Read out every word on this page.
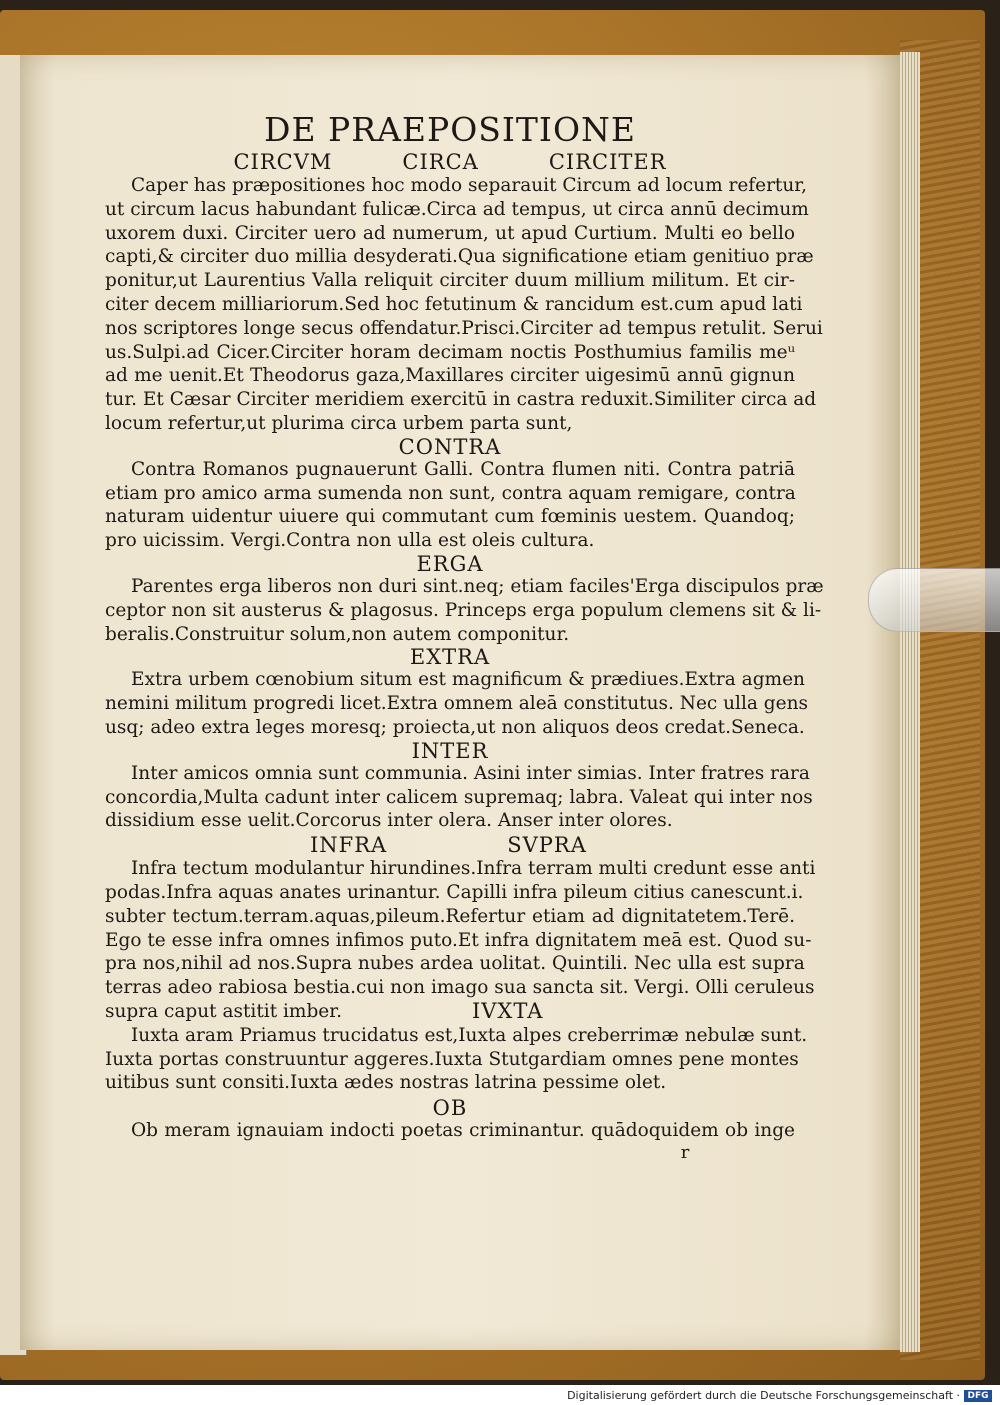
DE PRAEPOSITIONE
CIRCVM	CIRCA	CIRCITER
Caper has præpositiones hoc modo separauit Circum ad locum refertur,
ut circum lacus habundant fulicæ.Circa ad tempus, ut circa annū decimum
uxorem duxi. Circiter uero ad numerum, ut apud Curtium. Multi eo bello
capti,& circiter duo millia desyderati.Qua significatione etiam genitiuo præ
ponitur,ut Laurentius Valla reliquit circiter duum millium militum. Et cir-
citer decem milliariorum.Sed hoc fetutinum & rancidum est.cum apud lati
nos scriptores longe secus offendatur.Prisci.Circiter ad tempus retulit. Serui
us.Sulpi.ad Cicer.Circiter horam decimam noctis Posthumius familis meᵘ
ad me uenit.Et Theodorus gaza,Maxillares circiter uigesimū annū gignun
tur. Et Cæsar Circiter meridiem exercitū in castra reduxit.Similiter circa ad
locum refertur,ut plurima circa urbem parta sunt,
CONTRA
Contra Romanos pugnauerunt Galli. Contra flumen niti. Contra patriā
etiam pro amico arma sumenda non sunt, contra aquam remigare, contra
naturam uidentur uiuere qui commutant cum fœminis uestem. Quandoq;
pro uicissim. Vergi.Contra non ulla est oleis cultura.
ERGA
Parentes erga liberos non duri sint.neq; etiam faciles'Erga discipulos præ
ceptor non sit austerus & plagosus. Princeps erga populum clemens sit & li-
beralis.Construitur solum,non autem componitur.
EXTRA
Extra urbem cœnobium situm est magnificum & prædiues.Extra agmen
nemini militum progredi licet.Extra omnem aleā constitutus. Nec ulla gens
usq; adeo extra leges moresq; proiecta,ut non aliquos deos credat.Seneca.
INTER
Inter amicos omnia sunt communia. Asini inter simias. Inter fratres rara
concordia,Multa cadunt inter calicem supremaq; labra. Valeat qui inter nos
dissidium esse uelit.Corcorus inter olera. Anser inter olores.
INFRA	SVPRA
Infra tectum modulantur hirundines.Infra terram multi credunt esse anti
podas.Infra aquas anates urinantur. Capilli infra pileum citius canescunt.i.
subter tectum.terram.aquas,pileum.Refertur etiam ad dignitatetem.Terē.
Ego te esse infra omnes infimos puto.Et infra dignitatem meā est. Quod su-
pra nos,nihil ad nos.Supra nubes ardea uolitat. Quintili. Nec ulla est supra
terras adeo rabiosa bestia.cui non imago sua sancta sit. Vergi. Olli ceruleus
supra caput astitit imber.	IVXTA
Iuxta aram Priamus trucidatus est,Iuxta alpes creberrimæ nebulæ sunt.
Iuxta portas construuntur aggeres.Iuxta Stutgardiam omnes pene montes
uitibus sunt consiti.Iuxta ædes nostras latrina pessime olet.
OB
Ob meram ignauiam indocti poetas criminantur. quādoquidem ob inge
r
Digitalisierung gefördert durch die Deutsche Forschungsgemeinschaft · DFG
